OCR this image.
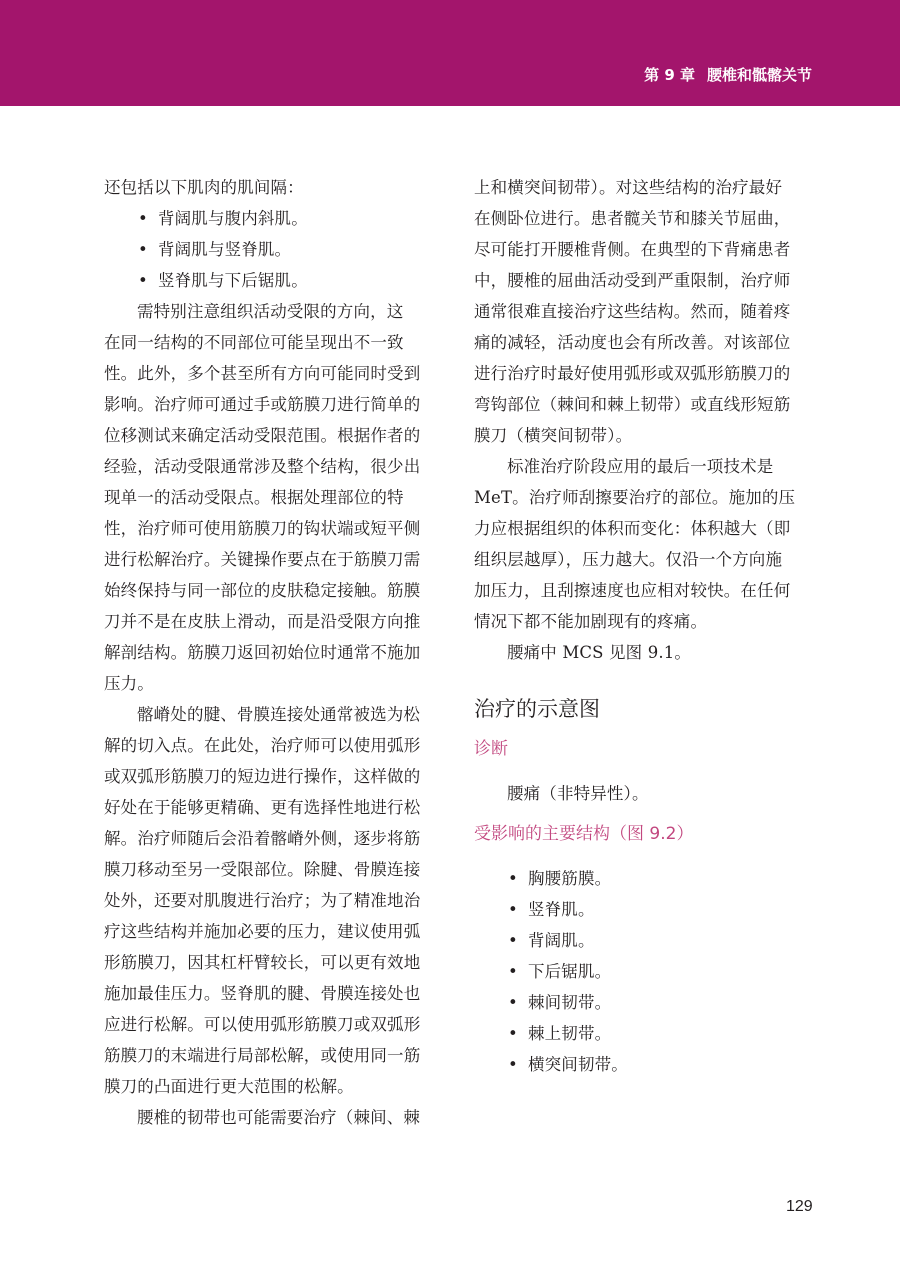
第 9 章 腰椎和骶髂关节
还包括以下肌肉的肌间隔：
• 背阔肌与腹内斜肌。
• 背阔肌与竖脊肌。
• 竖脊肌与下后锯肌。
需特别注意组织活动受限的方向，这
在同一结构的不同部位可能呈现出不一致
性。此外，多个甚至所有方向可能同时受到
影响。治疗师可通过手或筋膜刀进行简单的
位移测试来确定活动受限范围。根据作者的
经验，活动受限通常涉及整个结构，很少出
现单一的活动受限点。根据处理部位的特
性，治疗师可使用筋膜刀的钩状端或短平侧
进行松解治疗。关键操作要点在于筋膜刀需
始终保持与同一部位的皮肤稳定接触。筋膜
刀并不是在皮肤上滑动，而是沿受限方向推
解剖结构。筋膜刀返回初始位时通常不施加
压力。
髂嵴处的腱、骨膜连接处通常被选为松
解的切入点。在此处，治疗师可以使用弧形
或双弧形筋膜刀的短边进行操作，这样做的
好处在于能够更精确、更有选择性地进行松
解。治疗师随后会沿着髂嵴外侧，逐步将筋
膜刀移动至另一受限部位。除腱、骨膜连接
处外，还要对肌腹进行治疗；为了精准地治
疗这些结构并施加必要的压力，建议使用弧
形筋膜刀，因其杠杆臂较长，可以更有效地
施加最佳压力。竖脊肌的腱、骨膜连接处也
应进行松解。可以使用弧形筋膜刀或双弧形
筋膜刀的末端进行局部松解，或使用同一筋
膜刀的凸面进行更大范围的松解。
腰椎的韧带也可能需要治疗（棘间、棘
上和横突间韧带）。对这些结构的治疗最好
在侧卧位进行。患者髋关节和膝关节屈曲，
尽可能打开腰椎背侧。在典型的下背痛患者
中，腰椎的屈曲活动受到严重限制，治疗师
通常很难直接治疗这些结构。然而，随着疼
痛的减轻，活动度也会有所改善。对该部位
进行治疗时最好使用弧形或双弧形筋膜刀的
弯钩部位（棘间和棘上韧带）或直线形短筋
膜刀（横突间韧带）。
标准治疗阶段应用的最后一项技术是
MeT。治疗师刮擦要治疗的部位。施加的压
力应根据组织的体积而变化：体积越大（即
组织层越厚），压力越大。仅沿一个方向施
加压力，且刮擦速度也应相对较快。在任何
情况下都不能加剧现有的疼痛。
腰痛中 MCS 见图 9.1。
治疗的示意图
诊断
腰痛（非特异性）。
受影响的主要结构（图 9.2）
• 胸腰筋膜。
• 竖脊肌。
• 背阔肌。
• 下后锯肌。
• 棘间韧带。
• 棘上韧带。
• 横突间韧带。
129
